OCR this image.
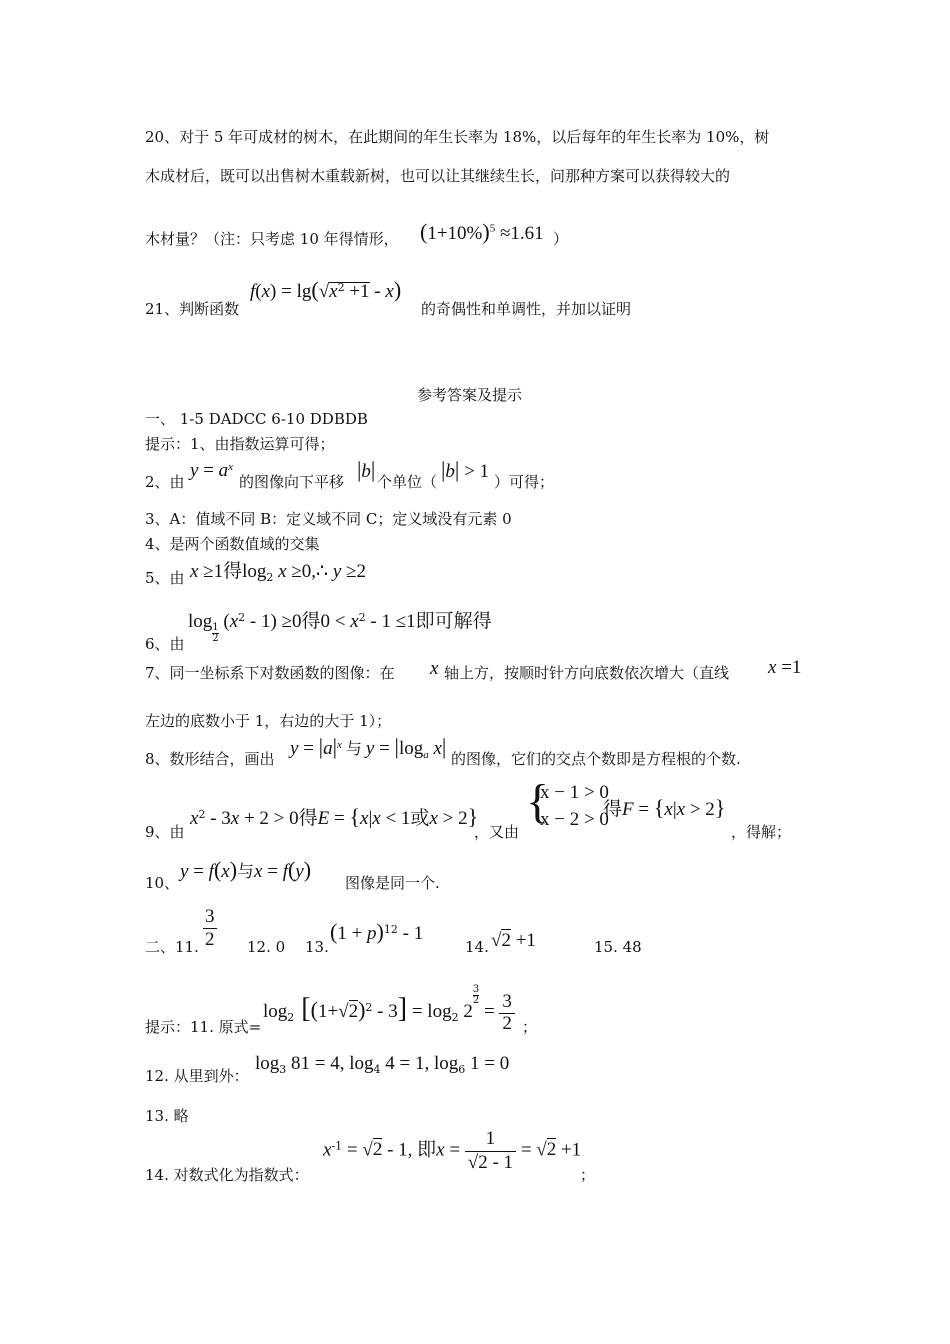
20、对于 5 年可成材的树木，在此期间的年生长率为 18%，以后每年的年生长率为 10%，树
木成材后，既可以出售树木重载新树，也可以让其继续生长，问那种方案可以获得较大的
木材量？（注：只考虑 10 年得情形， $(1+10\%)^5 \approx 1.61$ ）
21、判断函数
$f(x) = \lg(√x^2 +1 - x)$
的奇偶性和单调性，并加以证明
参考答案及提示
一、 1-5 DADCC 6-10 DDBDB
提示：1、由指数运算可得；
2、由
$y = a^x$
的图像向下平移 |b| 个单位（ |b| > 1 ）可得；
3、A：值域不同 B：定义域不同 C；定义域没有元素 0
4、是两个函数值域的交集
5、由 x ≥1得$\log_2 x$ ≥0,∴ y ≥2
6、由
log
$\frac{1}{2}$
$(x^2 - 1) \ge 0$得$0 < x^2 - 1 \le 1$即可解得
7、同一坐标系下对数函数的图像：在 x 轴上方，按顺时针方向底数依次增大（直线 x =1
左边的底数小于 1，右边的大于 1）；
8、数形结合，画出 $y = |a|^x$ 与 $y = |\log_a$ x| 的图像，它们的交点个数即是方程根的个数.
9、由
$x^2 - 3x + 2 > 0$得E = {x|x < 1或x > 2}
，又由
{
x − 1 > 0
x − 2 > 0
得F = {x|x > 2}
，得解；
10、
y = f(x)与x = f(y)
图像是同一个.
二、11. $\frac{3}{2} 12$. 0 13.
$(1 + p)^{12} - 1$
14. √2 +1	15. 48
提示：11. 原式=
$\log_2 [(1+√2)^2 - 3] = \log_2 2$
$\frac{3}{2}$
= $\frac{3}{2}$ ；
12. 从里到外：
$\log_3 81 = 4$, $\log_4 4 = 1$, $\log_6 1 = 0$
13. 略
14. 对数式化为指数式：
$x^{-1} = √2 - 1$, 即$x = \frac{1}{√2 - 1} = √2 +1$
；
